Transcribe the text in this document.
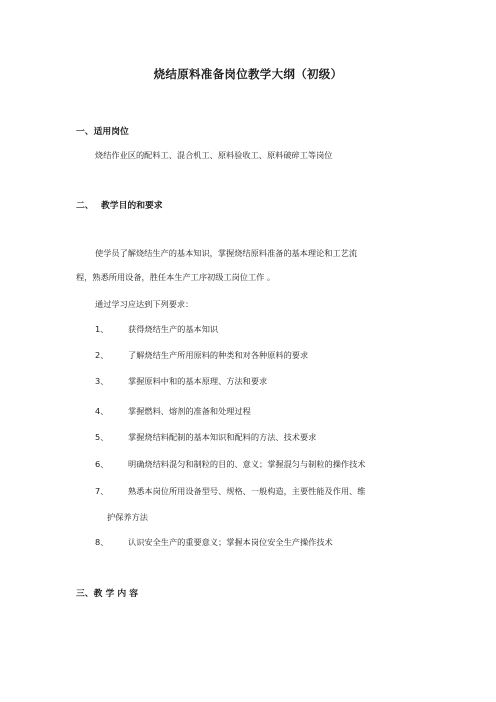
烧结原料准备岗位教学大纲（初级）
一、适用岗位
烧结作业区的配料工、混合机工、原料验收工、原料破碎工等岗位
二、 教学目的和要求
使学员了解烧结生产的基本知识，掌握烧结原料准备的基本理论和工艺流
程，熟悉所用设备，胜任本生产工序初级工岗位工作 。
通过学习应达到下列要求：
1、 获得烧结生产的基本知识
2、 了解烧结生产所用原料的种类和对各种原料的要求
3、 掌握原料中和的基本原理、方法和要求
4、 掌握燃料、熔剂的准备和处理过程
5、 掌握烧结料配制的基本知识和配料的方法、技术要求
6、 明确烧结料混匀和制粒的目的、意义；掌握混匀与制粒的操作技术
7、 熟悉本岗位所用设备型号、规格、一般构造，主要性能及作用、维
护保养方法
8、 认识安全生产的重要意义；掌握本岗位安全生产操作技术
三、教 学 内 容
